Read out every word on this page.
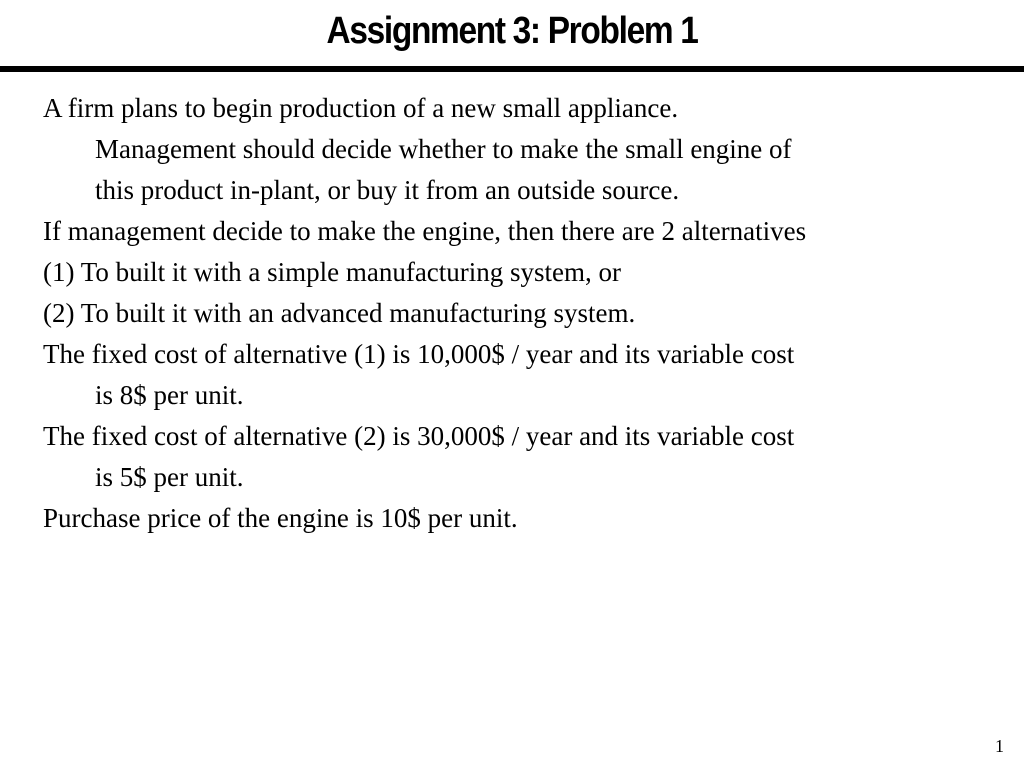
Assignment 3: Problem 1

A firm plans to begin production of a new small appliance.
Management should decide whether to make the small engine of
this product in-plant, or buy it from an outside source.

If management decide to make the engine, then there are 2 alternatives

(1) To built it with a simple manufacturing system, or

(2) To built it with an advanced manufacturing system.

The fixed cost of alternative (1) is 10,000$ / year and its variable cost
is 8$ per unit.

The fixed cost of alternative (2) is 30,000$ / year and its variable cost
is 5$ per unit.

Purchase price of the engine is 10$ per unit.

1
